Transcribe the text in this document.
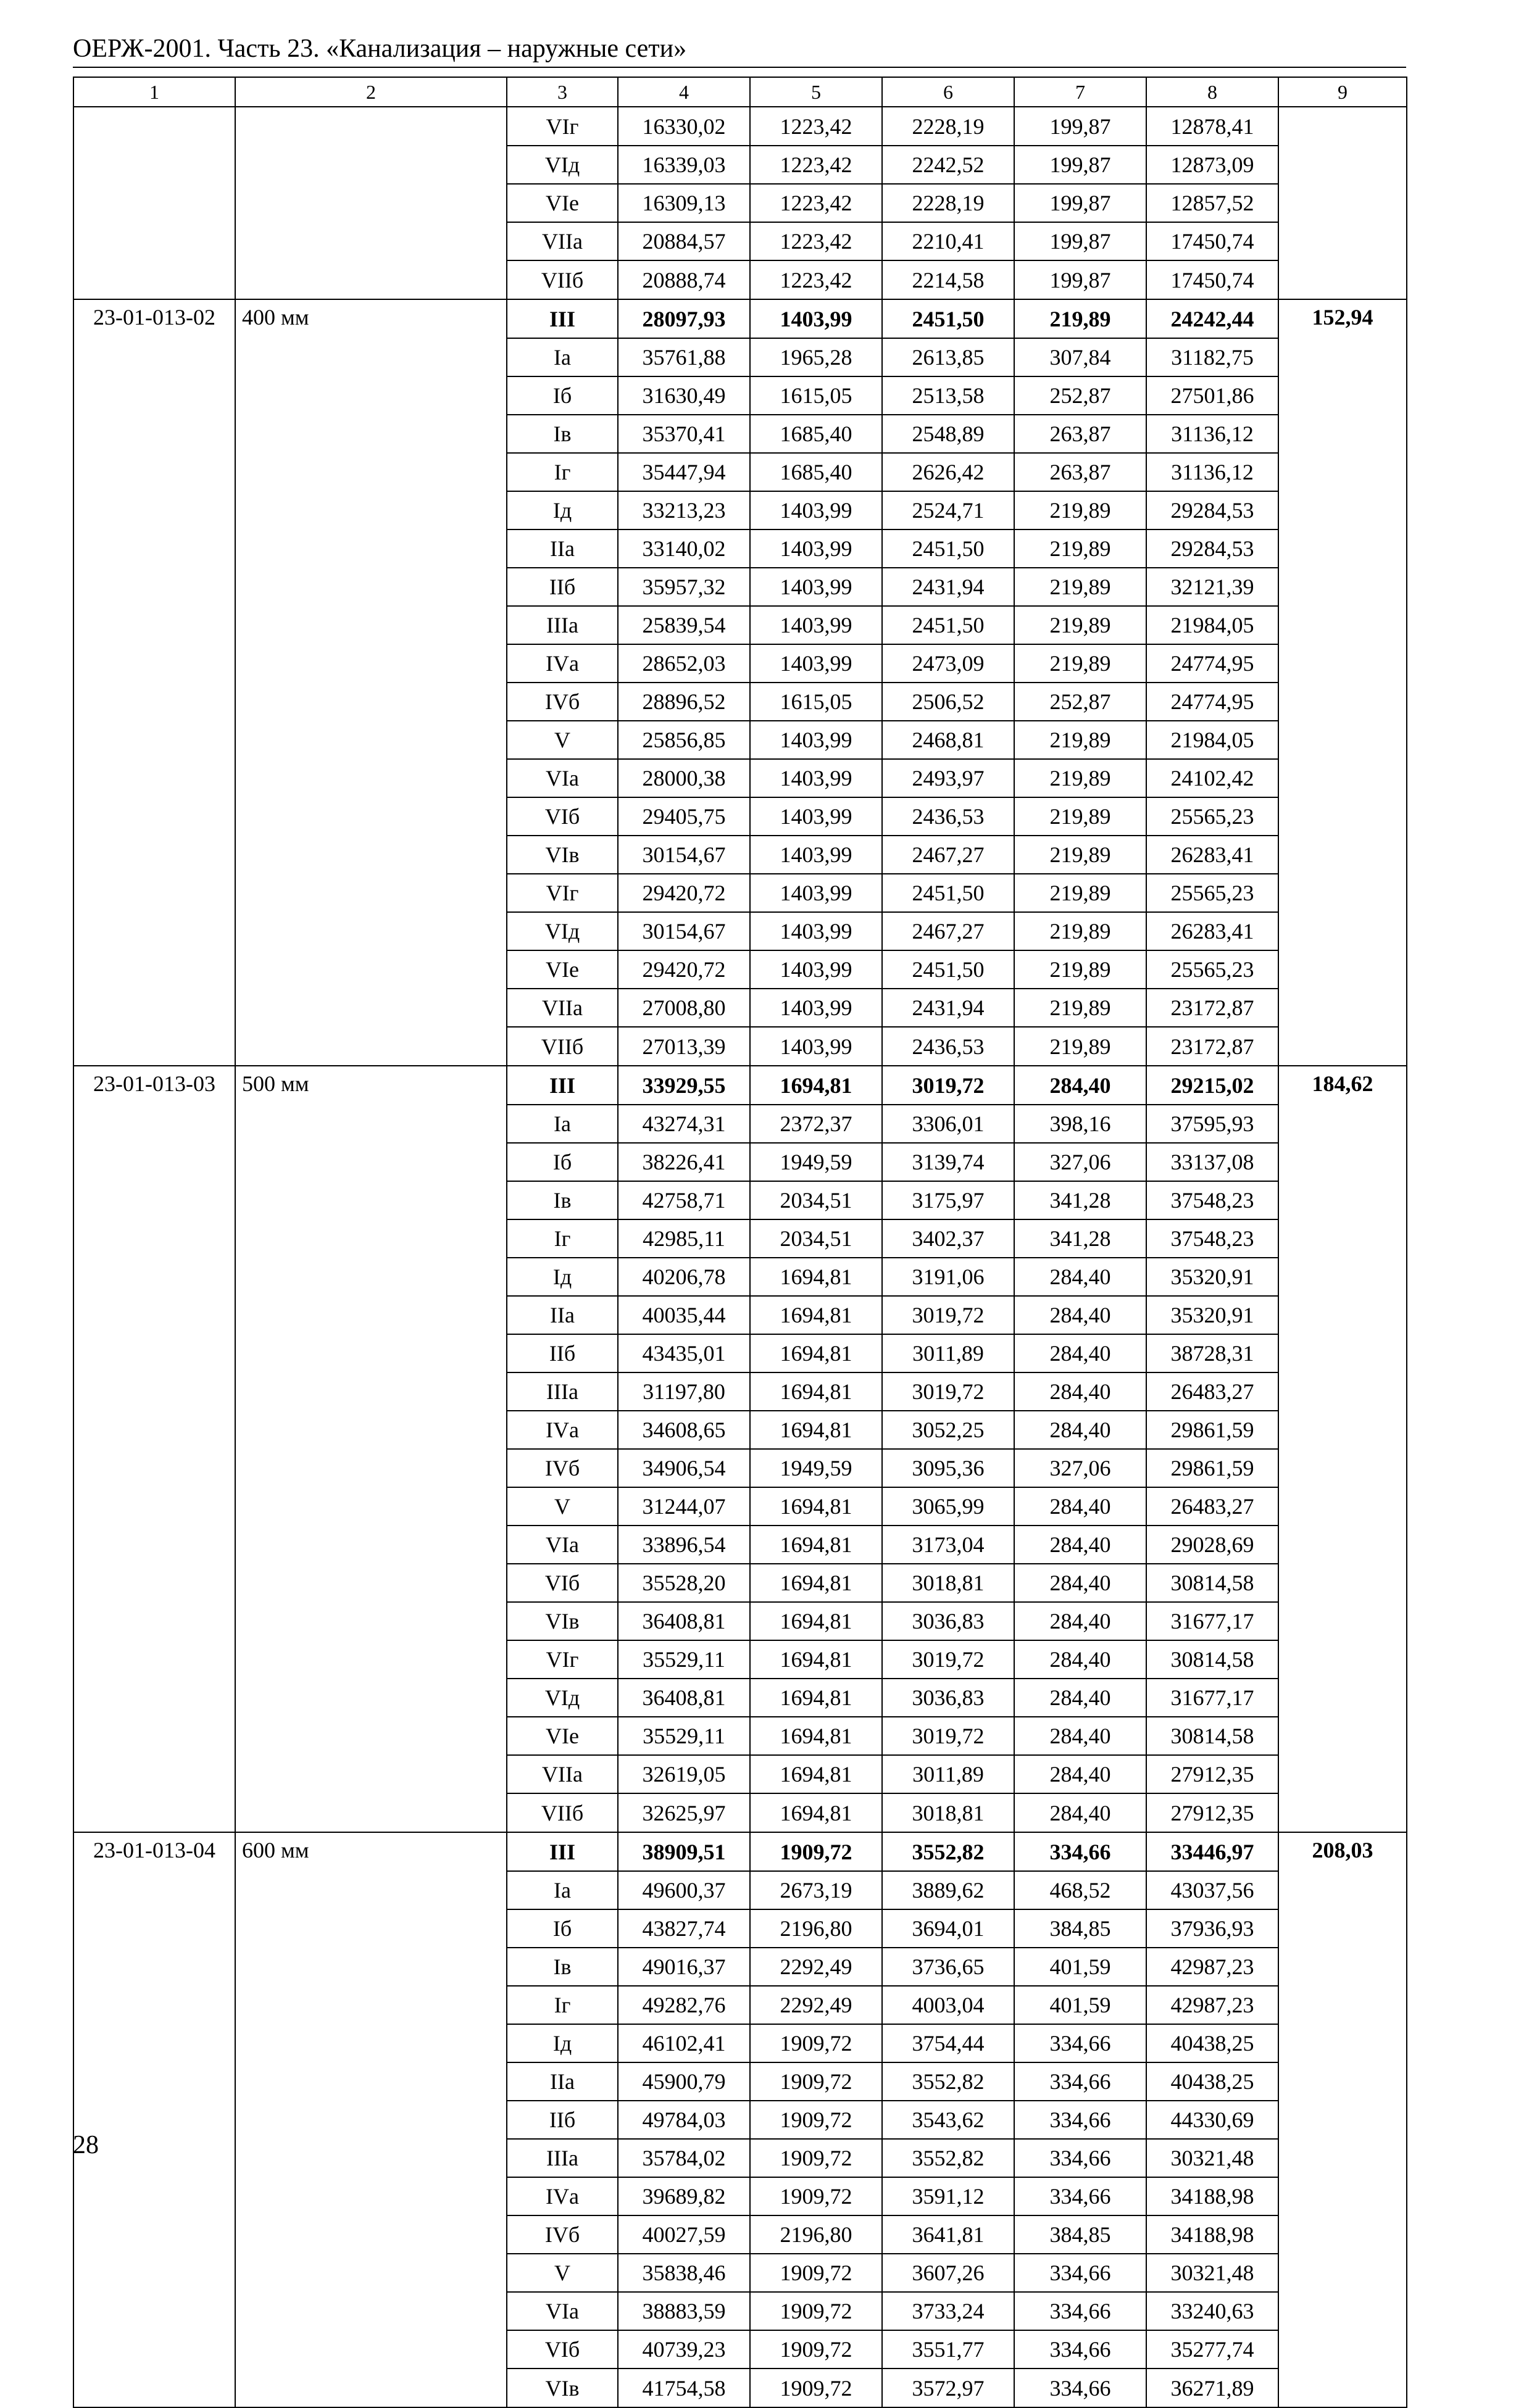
ОЕРЖ-2001. Часть 23. «Канализация – наружные сети»
1	2	3	4	5	6	7	8	9
		VIг	16330,02	1223,42	2228,19	199,87	12878,41	
		VIд	16339,03	1223,42	2242,52	199,87	12873,09	
		VIе	16309,13	1223,42	2228,19	199,87	12857,52	
		VIIа	20884,57	1223,42	2210,41	199,87	17450,74	
		VIIб	20888,74	1223,42	2214,58	199,87	17450,74	
23-01-013-02	400 мм	III	28097,93	1403,99	2451,50	219,89	24242,44	152,94
		Iа	35761,88	1965,28	2613,85	307,84	31182,75	
		Iб	31630,49	1615,05	2513,58	252,87	27501,86	
		Iв	35370,41	1685,40	2548,89	263,87	31136,12	
		Iг	35447,94	1685,40	2626,42	263,87	31136,12	
		Iд	33213,23	1403,99	2524,71	219,89	29284,53	
		IIа	33140,02	1403,99	2451,50	219,89	29284,53	
		IIб	35957,32	1403,99	2431,94	219,89	32121,39	
		IIIа	25839,54	1403,99	2451,50	219,89	21984,05	
		IVа	28652,03	1403,99	2473,09	219,89	24774,95	
		IVб	28896,52	1615,05	2506,52	252,87	24774,95	
		V	25856,85	1403,99	2468,81	219,89	21984,05	
		VIа	28000,38	1403,99	2493,97	219,89	24102,42	
		VIб	29405,75	1403,99	2436,53	219,89	25565,23	
		VIв	30154,67	1403,99	2467,27	219,89	26283,41	
		VIг	29420,72	1403,99	2451,50	219,89	25565,23	
		VIд	30154,67	1403,99	2467,27	219,89	26283,41	
		VIе	29420,72	1403,99	2451,50	219,89	25565,23	
		VIIа	27008,80	1403,99	2431,94	219,89	23172,87	
		VIIб	27013,39	1403,99	2436,53	219,89	23172,87	
23-01-013-03	500 мм	III	33929,55	1694,81	3019,72	284,40	29215,02	184,62
		Iа	43274,31	2372,37	3306,01	398,16	37595,93	
		Iб	38226,41	1949,59	3139,74	327,06	33137,08	
		Iв	42758,71	2034,51	3175,97	341,28	37548,23	
		Iг	42985,11	2034,51	3402,37	341,28	37548,23	
		Iд	40206,78	1694,81	3191,06	284,40	35320,91	
		IIа	40035,44	1694,81	3019,72	284,40	35320,91	
		IIб	43435,01	1694,81	3011,89	284,40	38728,31	
		IIIа	31197,80	1694,81	3019,72	284,40	26483,27	
		IVа	34608,65	1694,81	3052,25	284,40	29861,59	
		IVб	34906,54	1949,59	3095,36	327,06	29861,59	
		V	31244,07	1694,81	3065,99	284,40	26483,27	
		VIа	33896,54	1694,81	3173,04	284,40	29028,69	
		VIб	35528,20	1694,81	3018,81	284,40	30814,58	
		VIв	36408,81	1694,81	3036,83	284,40	31677,17	
		VIг	35529,11	1694,81	3019,72	284,40	30814,58	
		VIд	36408,81	1694,81	3036,83	284,40	31677,17	
		VIе	35529,11	1694,81	3019,72	284,40	30814,58	
		VIIа	32619,05	1694,81	3011,89	284,40	27912,35	
		VIIб	32625,97	1694,81	3018,81	284,40	27912,35	
23-01-013-04	600 мм	III	38909,51	1909,72	3552,82	334,66	33446,97	208,03
		Iа	49600,37	2673,19	3889,62	468,52	43037,56	
		Iб	43827,74	2196,80	3694,01	384,85	37936,93	
		Iв	49016,37	2292,49	3736,65	401,59	42987,23	
		Iг	49282,76	2292,49	4003,04	401,59	42987,23	
		Iд	46102,41	1909,72	3754,44	334,66	40438,25	
		IIа	45900,79	1909,72	3552,82	334,66	40438,25	
		IIб	49784,03	1909,72	3543,62	334,66	44330,69	
		IIIа	35784,02	1909,72	3552,82	334,66	30321,48	
		IVа	39689,82	1909,72	3591,12	334,66	34188,98	
		IVб	40027,59	2196,80	3641,81	384,85	34188,98	
		V	35838,46	1909,72	3607,26	334,66	30321,48	
		VIа	38883,59	1909,72	3733,24	334,66	33240,63	
		VIб	40739,23	1909,72	3551,77	334,66	35277,74	
		VIв	41754,58	1909,72	3572,97	334,66	36271,89	
28
